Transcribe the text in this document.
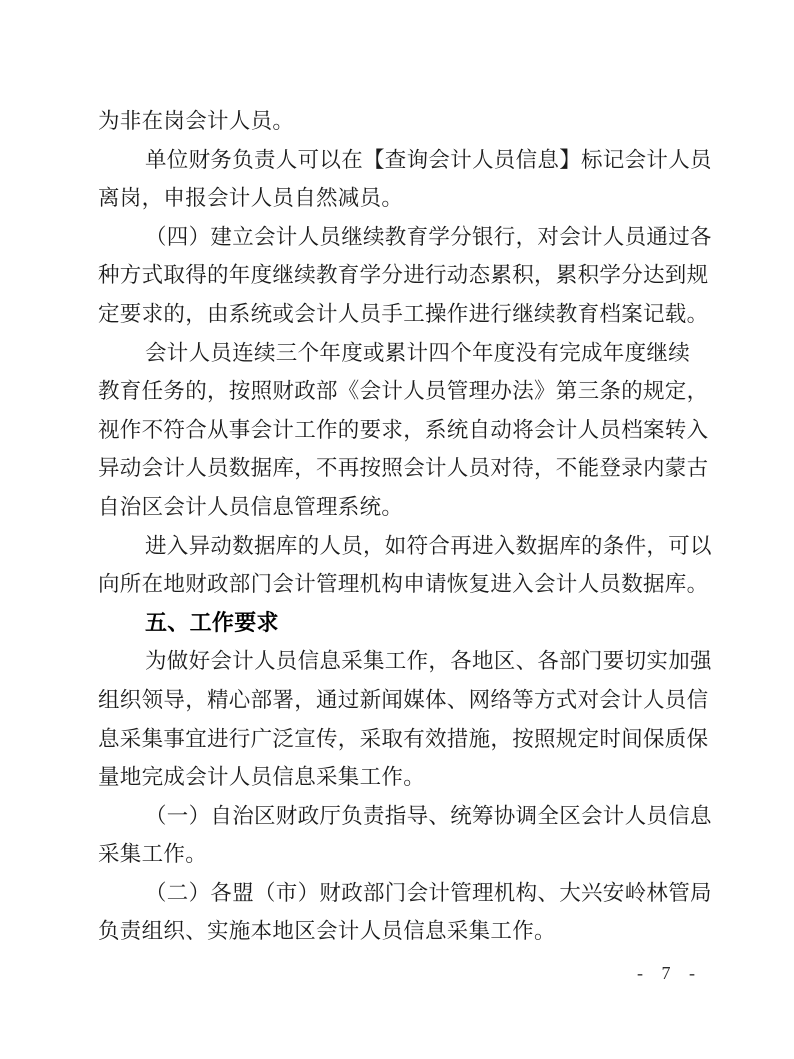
为非在岗会计人员。
单位财务负责人可以在【查询会计人员信息】标记会计人员
离岗，申报会计人员自然减员。
（四）建立会计人员继续教育学分银行，对会计人员通过各
种方式取得的年度继续教育学分进行动态累积，累积学分达到规
定要求的，由系统或会计人员手工操作进行继续教育档案记载。
会计人员连续三个年度或累计四个年度没有完成年度继续
教育任务的，按照财政部《会计人员管理办法》第三条的规定，
视作不符合从事会计工作的要求，系统自动将会计人员档案转入
异动会计人员数据库，不再按照会计人员对待，不能登录内蒙古
自治区会计人员信息管理系统。
进入异动数据库的人员，如符合再进入数据库的条件，可以
向所在地财政部门会计管理机构申请恢复进入会计人员数据库。
五、工作要求
为做好会计人员信息采集工作，各地区、各部门要切实加强
组织领导，精心部署，通过新闻媒体、网络等方式对会计人员信
息采集事宜进行广泛宣传，采取有效措施，按照规定时间保质保
量地完成会计人员信息采集工作。
（一）自治区财政厅负责指导、统筹协调全区会计人员信息
采集工作。
（二）各盟（市）财政部门会计管理机构、大兴安岭林管局
负责组织、实施本地区会计人员信息采集工作。
- 7 -
